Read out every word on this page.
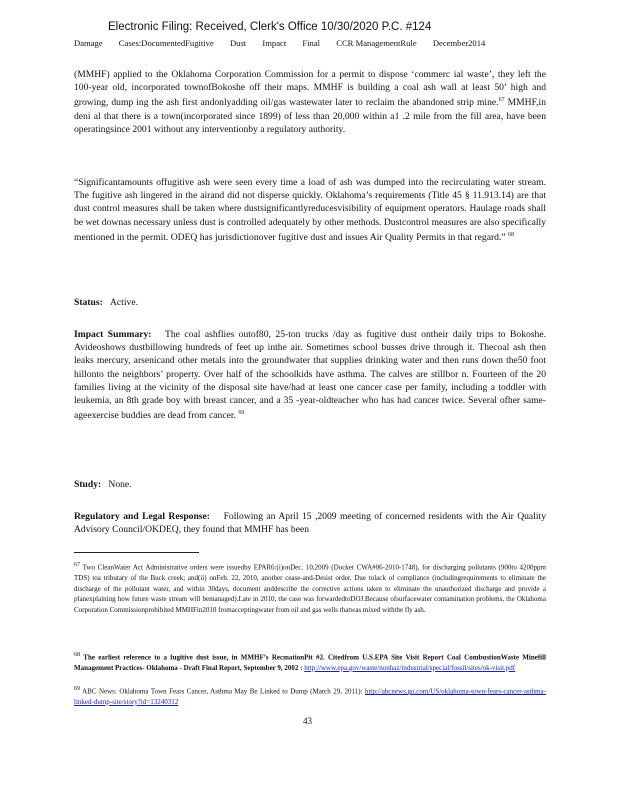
Electronic Filing: Received, Clerk's Office 10/30/2020 P.C. #124
Damage Cases:DocumentedFugitive Dust Impact Final CCR ManagementRule December2014

(MMHF) applied to the Oklahoma Corporation Commission for a permit to dispose ‘commerc ial waste’, they left the 100-year old, incorporated townofBokoshe off their maps. MMHF is building a coal ash wall at least 50’ high and growing, dump ing the ash first andonlyadding oil/gas wastewater later to reclaim the abandoned strip mine.$^{67}$ MMHF,in deni al that there is a town(incorporated since 1899) of less than 20,000 within a1 .2 mile from the fill area, have been operatingsince 2001 without any interventionby a regulatory authority.

“Significantamounts offugitive ash were seen every time a load of ash was dumped into the recirculating water stream. The fugitive ash lingered in the airand did not disperse quickly. Oklahoma’s requirements (Title 45 § 11.913.14) are that dust control measures shall be taken where dustsignificantlyreducesvisibility of equipment operators. Haulage roads shall be wet downas necessary unless dust is controlled adequately by other methods. Dustcontrol measures are also specifically mentioned in the permit. ODEQ has jurisdictionover fugitive dust and issues Air Quality Permits in that regard.” $^{68}$

Status: Active.

Impact Summary: The coal ashflies outof80, 25-ton trucks /day as fugitive dust ontheir daily trips to Bokoshe. Avideoshows dustbillowing hundreds of feet up inthe air. Sometimes school busses drive through it. Thecoal ash then leaks mercury, arsenicand other metals into the groundwater that supplies drinking water and then runs down the50 foot hillonto the neighbors’ property. Over half of the schoolkids have asthma. The calves are stillbor n. Fourteen of the 20 families living at the vicinity of the disposal site have/had at least one cancer case per family, including a toddler with leukemia, an 8th grade boy with breast cancer, and a 35 -year-oldteacher who has had cancer twice. Several ofher same-ageexercise buddies are dead from cancer. $^{69}$

Study: None.

Regulatory and Legal Response: Following an April 15 ,2009 meeting of concerned residents with the Air Quality Advisory Council/OKDEQ, they found that MMHF has been

67 Two CleanWater Act Administrative orders were issuedby EPAR6:(i)onDec. 10,2009 (Docket CWA#06-2010-1748), for discharging pollutants (900to 4200ppm TDS) toa tributary of the Buck creek; and(ii) onFeb. 22, 2010, another cease-and-Desist order. Due tolack of compliance (includingrequirements to eliminate the discharge of the pollutant water, and within 30days, document anddescribe the corrective actions taken to eliminate the unauthorized discharge and provide a planexplaining how future waste stream will bemanaged).Late in 2010, the case was forwardedtoDOJ.Because ofsurfacewater contamination problems, the Oklahoma Corporation Commissionprohibited MMHFin2010 fromacceptingwater from oil and gas wells thatwas mixed withthe fly ash.
68 The earliest reference to a fugitive dust issue, in MMHF’s RecmationPit #2. Citedfrom U.S.EPA Site Visit Report Coal CombustionWaste Minefill Management Practices- Oklahoma - Draft Final Report, September 9, 2002 : http://www.epa.gov/waste/nonhaz/industrial/special/fossil/sites/ok-visit.pdf
69 ABC News: Oklahoma Town Fears Cancer, Asthma May Be Linked to Dump (March 29, 2011): http://abcnews.go.com/US/oklahoma-town-fears-cancer-asthma-linked-dump-site/story?id=13240312
43
